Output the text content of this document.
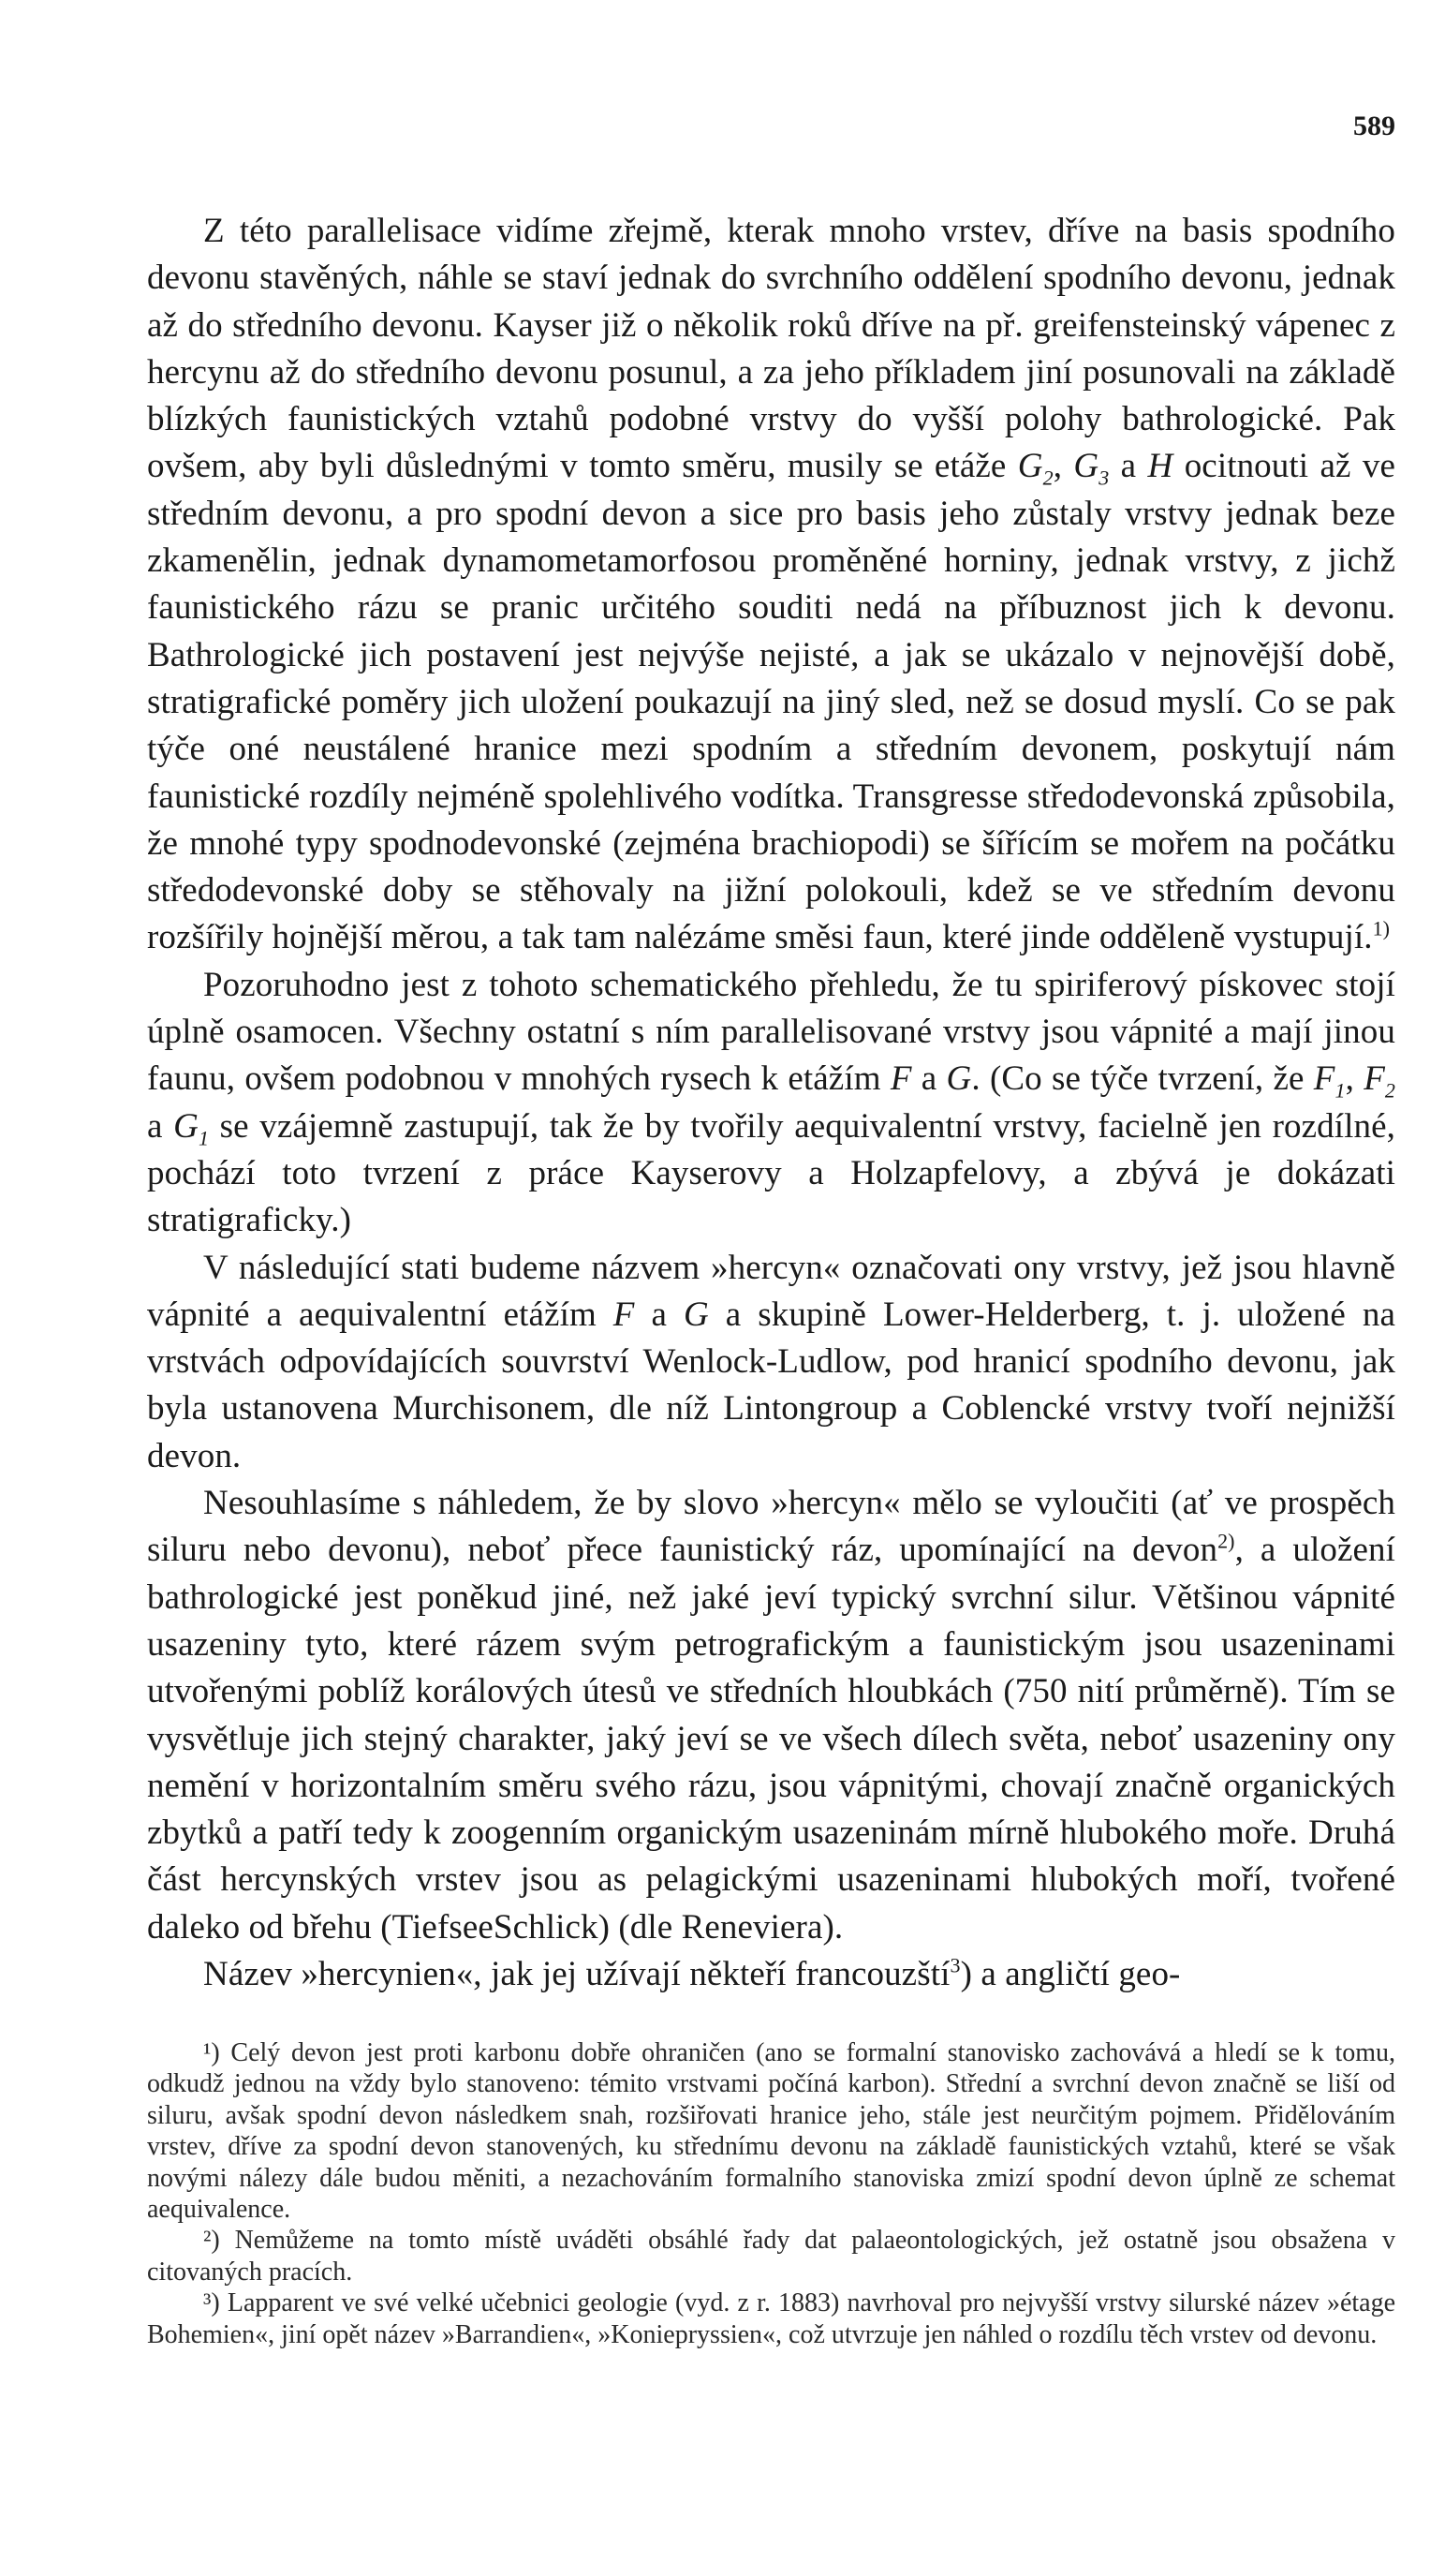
589

Z této parallelisace vidíme zřejmě, kterak mnoho vrstev, dříve na basis spodního devonu stavěných, náhle se staví jednak do svrchního oddělení spodního devonu, jednak až do středního devonu. Kayser již o několik roků dříve na př. greifensteinský vápenec z hercynu až do středního devonu posunul, a za jeho příkladem jiní posunovali na základě blízkých faunistických vztahů podobné vrstvy do vyšší polohy bathrologické. Pak ovšem, aby byli důslednými v tomto směru, musily se etáže $G_2$, $G_3$ a H ocitnouti až ve středním devonu, a pro spodní devon a sice pro basis jeho zůstaly vrstvy jednak beze zkamenělin, jednak dynamometamorfosou proměněné horniny, jednak vrstvy, z jichž faunistického rázu se pranic určitého souditi nedá na příbuznost jich k devonu. Bathrologické jich postavení jest nejvýše nejisté, a jak se ukázalo v nejnovější době, stratigrafické poměry jich uložení poukazují na jiný sled, než se dosud myslí. Co se pak týče oné neustálené hranice mezi spodním a středním devonem, poskytují nám faunistické rozdíly nejméně spolehlivého vodítka. Transgresse středodevonská způsobila, že mnohé typy spodnodevonské (zejména brachiopodi) se šířícím se mořem na počátku středodevonské doby se stěhovaly na jižní polokouli, kdež se ve středním devonu rozšířily hojnější měrou, a tak tam nalézáme směsi faun, které jinde odděleně vystupují.$^{1)}$

Pozoruhodno jest z tohoto schematického přehledu, že tu spiriferový pískovec stojí úplně osamocen. Všechny ostatní s ním parallelisované vrstvy jsou vápnité a mají jinou faunu, ovšem podobnou v mnohých rysech k etážím F a G. (Co se týče tvrzení, že $F_1$, $F_2$ a $G_1$ se vzájemně zastupují, tak že by tvořily aequivalentní vrstvy, facielně jen rozdílné, pochází toto tvrzení z práce Kayserovy a Holzapfelovy, a zbývá je dokázati stratigraficky.)

V následující stati budeme názvem »hercyn« označovati ony vrstvy, jež jsou hlavně vápnité a aequivalentní etážím F a G a skupině Lower-Helderberg, t. j. uložené na vrstvách odpovídajících souvrství Wenlock-Ludlow, pod hranicí spodního devonu, jak byla ustanovena Murchisonem, dle níž Lintongroup a Coblencké vrstvy tvoří nejnižší devon.

Nesouhlasíme s náhledem, že by slovo »hercyn« mělo se vyloučiti (ať ve prospěch siluru nebo devonu), neboť přece faunistický ráz, upomínající na devon$^{2)}$, a uložení bathrologické jest poněkud jiné, než jaké jeví typický svrchní silur. Většinou vápnité usazeniny tyto, které rázem svým petrografickým a faunistickým jsou usazeninami utvořenými poblíž korálových útesů ve středních hloubkách (750 nití průměrně). Tím se vysvětluje jich stejný charakter, jaký jeví se ve všech dílech světa, neboť usazeniny ony nemění v horizontalním směru svého rázu, jsou vápnitými, chovají značně organických zbytků a patří tedy k zoogenním organickým usazeninám mírně hlubokého moře. Druhá část hercynských vrstev jsou as pelagickými usazeninami hlubokých moří, tvořené daleko od břehu (TiefseeSchlick) (dle Reneviera).

Název »hercynien«, jak jej užívají někteří francouzští$^3$) a angličtí geo-

¹) Celý devon jest proti karbonu dobře ohraničen (ano se formalní stanovisko zachovává a hledí se k tomu, odkudž jednou na vždy bylo stanoveno: témito vrstvami počíná karbon). Střední a svrchní devon značně se liší od siluru, avšak spodní devon následkem snah, rozšiřovati hranice jeho, stále jest neurčitým pojmem. Přidělováním vrstev, dříve za spodní devon stanovených, ku střednímu devonu na základě faunistických vztahů, které se však novými nálezy dále budou měniti, a nezachováním formalního stanoviska zmizí spodní devon úplně ze schemat aequivalence.

²) Nemůžeme na tomto místě uváděti obsáhlé řady dat palaeontologických, jež ostatně jsou obsažena v citovaných pracích.

³) Lapparent ve své velké učebnici geologie (vyd. z r. 1883) navrhoval pro nejvyšší vrstvy silurské název »étage Bohemien«, jiní opět název »Barrandien«, »Koniepryssien«, což utvrzuje jen náhled o rozdílu těch vrstev od devonu.
